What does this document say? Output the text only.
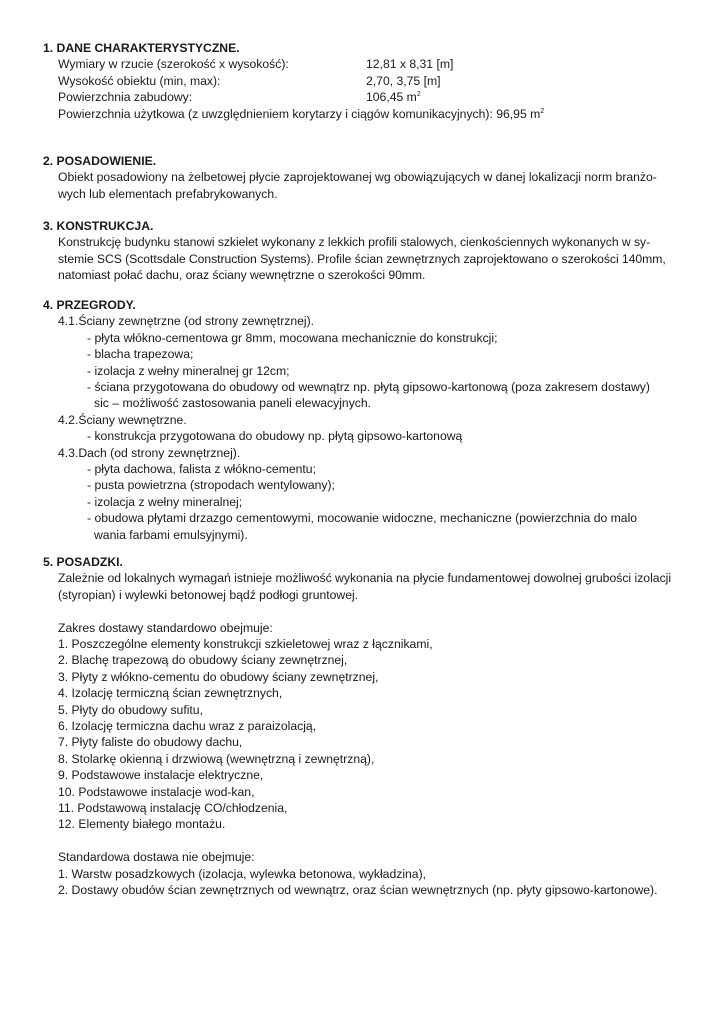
1. DANE CHARAKTERYSTYCZNE.
Wymiary w rzucie (szerokość x wysokość):	12,81 x 8,31 [m]
Wysokość obiektu (min, max):	2,70, 3,75 [m]
Powierzchnia zabudowy:	106,45 $m^2$
Powierzchnia użytkowa (z uwzględnieniem korytarzy i ciągów komunikacyjnych): 96,95 $m^2$
2. POSADOWIENIE.
Obiekt posadowiony na żelbetowej płycie zaprojektowanej wg obowiązujących w danej lokalizacji norm branżo-
wych lub elementach prefabrykowanych.
3. KONSTRUKCJA.
Konstrukcję budynku stanowi szkielet wykonany z lekkich profili stalowych, cienkościennych wykonanych w sy-
stemie SCS (Scottsdale Construction Systems). Profile ścian zewnętrznych zaprojektowano o szerokości 140mm,
natomiast połać dachu, oraz ściany wewnętrzne o szerokości 90mm.
4. PRZEGRODY.
4.1.Ściany zewnętrzne (od strony zewnętrznej).
- płyta włókno-cementowa gr 8mm, mocowana mechanicznie do konstrukcji;
- blacha trapezowa;
- izolacja z wełny mineralnej gr 12cm;
- ściana przygotowana do obudowy od wewnątrz np. płytą gipsowo-kartonową (poza zakresem dostawy)
sic – możliwość zastosowania paneli elewacyjnych.
4.2.Ściany wewnętrzne.
- konstrukcja przygotowana do obudowy np. płytą gipsowo-kartonową
4.3.Dach (od strony zewnętrznej).
- płyta dachowa, falista z włókno-cementu;
- pusta powietrzna (stropodach wentylowany);
- izolacja z wełny mineralnej;
- obudowa płytami drzazgo cementowymi, mocowanie widoczne, mechaniczne (powierzchnia do malo
wania farbami emulsyjnymi).
5. POSADZKI.
Zależnie od lokalnych wymagań istnieje możliwość wykonania na płycie fundamentowej dowolnej grubości izolacji
(styropian) i wylewki betonowej bądź podłogi gruntowej.
Zakres dostawy standardowo obejmuje:
1. Poszczególne elementy konstrukcji szkieletowej wraz z łącznikami,
2. Blachę trapezową do obudowy ściany zewnętrznej,
3. Płyty z włókno-cementu do obudowy ściany zewnętrznej,
4. Izolację termiczną ścian zewnętrznych,
5. Płyty do obudowy sufitu,
6. Izolację termiczna dachu wraz z paraizolacją,
7. Płyty faliste do obudowy dachu,
8. Stolarkę okienną i drzwiową (wewnętrzną i zewnętrzną),
9. Podstawowe instalacje elektryczne,
10. Podstawowe instalacje wod-kan,
11. Podstawową instalację CO/chłodzenia,
12. Elementy białego montażu.
Standardowa dostawa nie obejmuje:
1. Warstw posadzkowych (izolacja, wylewka betonowa, wykładzina),
2. Dostawy obudów ścian zewnętrznych od wewnątrz, oraz ścian wewnętrznych (np. płyty gipsowo-kartonowe).
